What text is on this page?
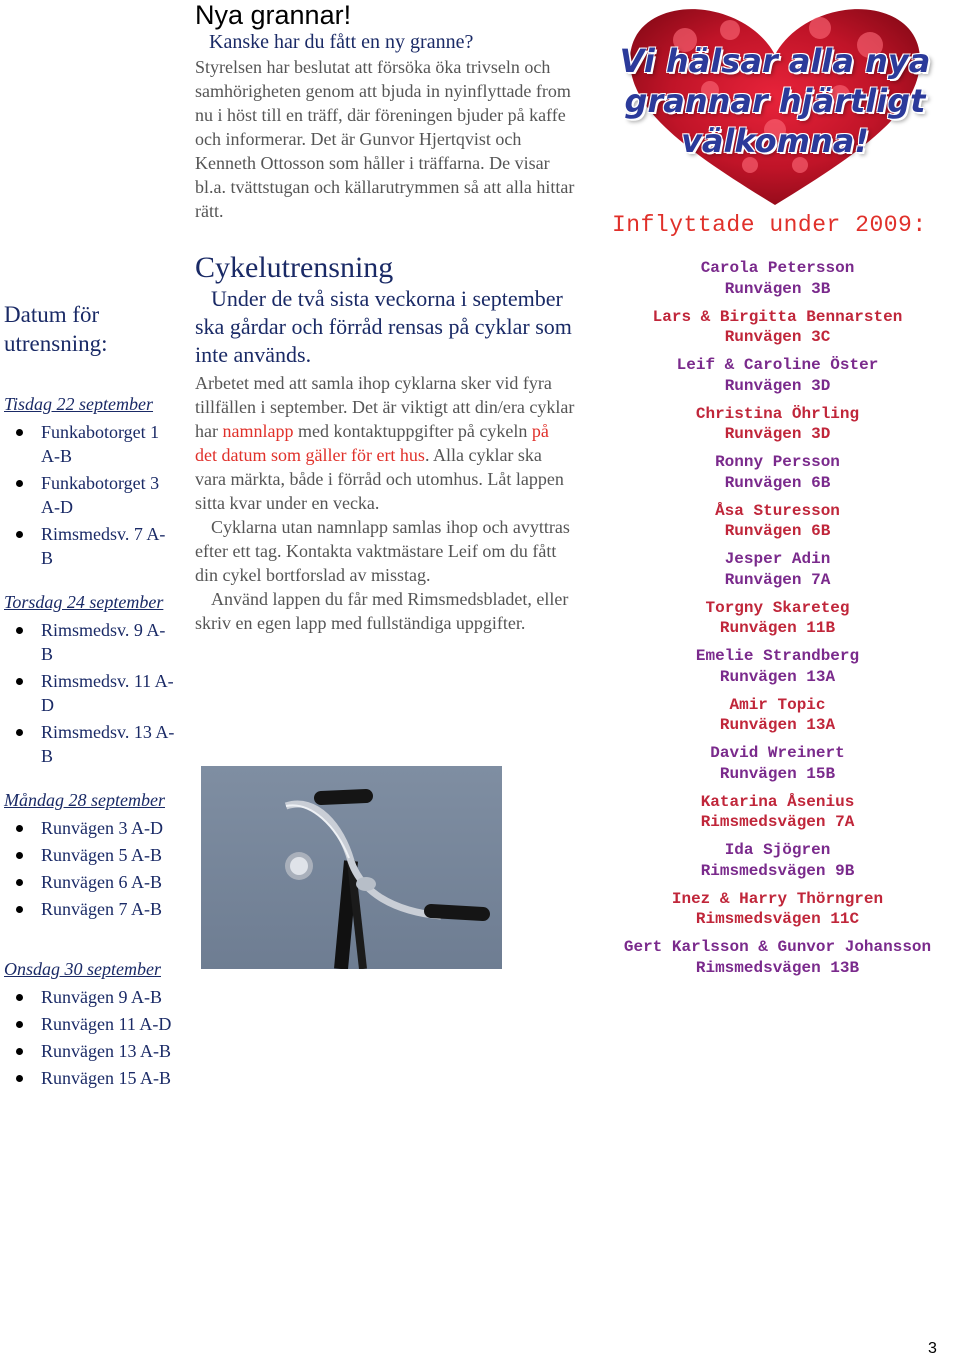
Datum för utrensning:

Tisdag 22 september

Funkabotorget 1 A-B
Funkabotorget 3 A-D
Rimsmedsv. 7 A-B

Torsdag 24 september

Rimsmedsv. 9 A-B
Rimsmedsv. 11 A-D
Rimsmedsv. 13 A-B

Måndag 28 september

Runvägen 3 A-D
Runvägen 5 A-B
Runvägen 6 A-B
Runvägen 7 A-B

Onsdag 30 september

Runvägen 9 A-B
Runvägen 11 A-D
Runvägen 13 A-B
Runvägen 15 A-B

Nya grannar!

Kanske har du fått en ny granne?

Styrelsen har beslutat att försöka öka trivseln och samhörigheten genom att bjuda in nyinflyttade from nu i höst till en träff, där föreningen bjuder på kaffe och informerar. Det är Gunvor Hjertqvist och Kenneth Ottosson som håller i träffarna. De visar bl.a. tvättstugan och källarutrymmen så att alla hittar rätt.

Cykelutrensning

Under de två sista veckorna i september ska gårdar och förråd rensas på cyklar som inte används.

Arbetet med att samla ihop cyklarna sker vid fyra tillfällen i september. Det är viktigt att din/era cyklar har namnlapp med kontaktuppgifter på cykeln på det datum som gäller för ert hus. Alla cyklar ska vara märkta, både i förråd och utomhus. Låt lappen sitta kvar under en vecka.

Cyklarna utan namnlapp samlas ihop och avyttras efter ett tag. Kontakta vaktmästare Leif om du fått din cykel bortforslad av misstag.

Använd lappen du får med Rimsmedsbladet, eller skriv en egen lapp med fullständiga uppgifter.

Vi hälsar alla nya
grannar hjärtligt
välkomna!
Inflyttade under 2009:
Carola Petersson
Runvägen 3B
Lars & Birgitta Bennarsten
Runvägen 3C
Leif & Caroline Öster
Runvägen 3D
Christina Öhrling
Runvägen 3D
Ronny Persson
Runvägen 6B
Åsa Sturesson
Runvägen 6B
Jesper Adin
Runvägen 7A
Torgny Skareteg
Runvägen 11B
Emelie Strandberg
Runvägen 13A
Amir Topic
Runvägen 13A
David Wreinert
Runvägen 15B
Katarina Åsenius
Rimsmedsvägen 7A
Ida Sjögren
Rimsmedsvägen 9B
Inez & Harry Thörngren
Rimsmedsvägen 11C
Gert Karlsson & Gunvor Johansson
Rimsmedsvägen 13B
3
